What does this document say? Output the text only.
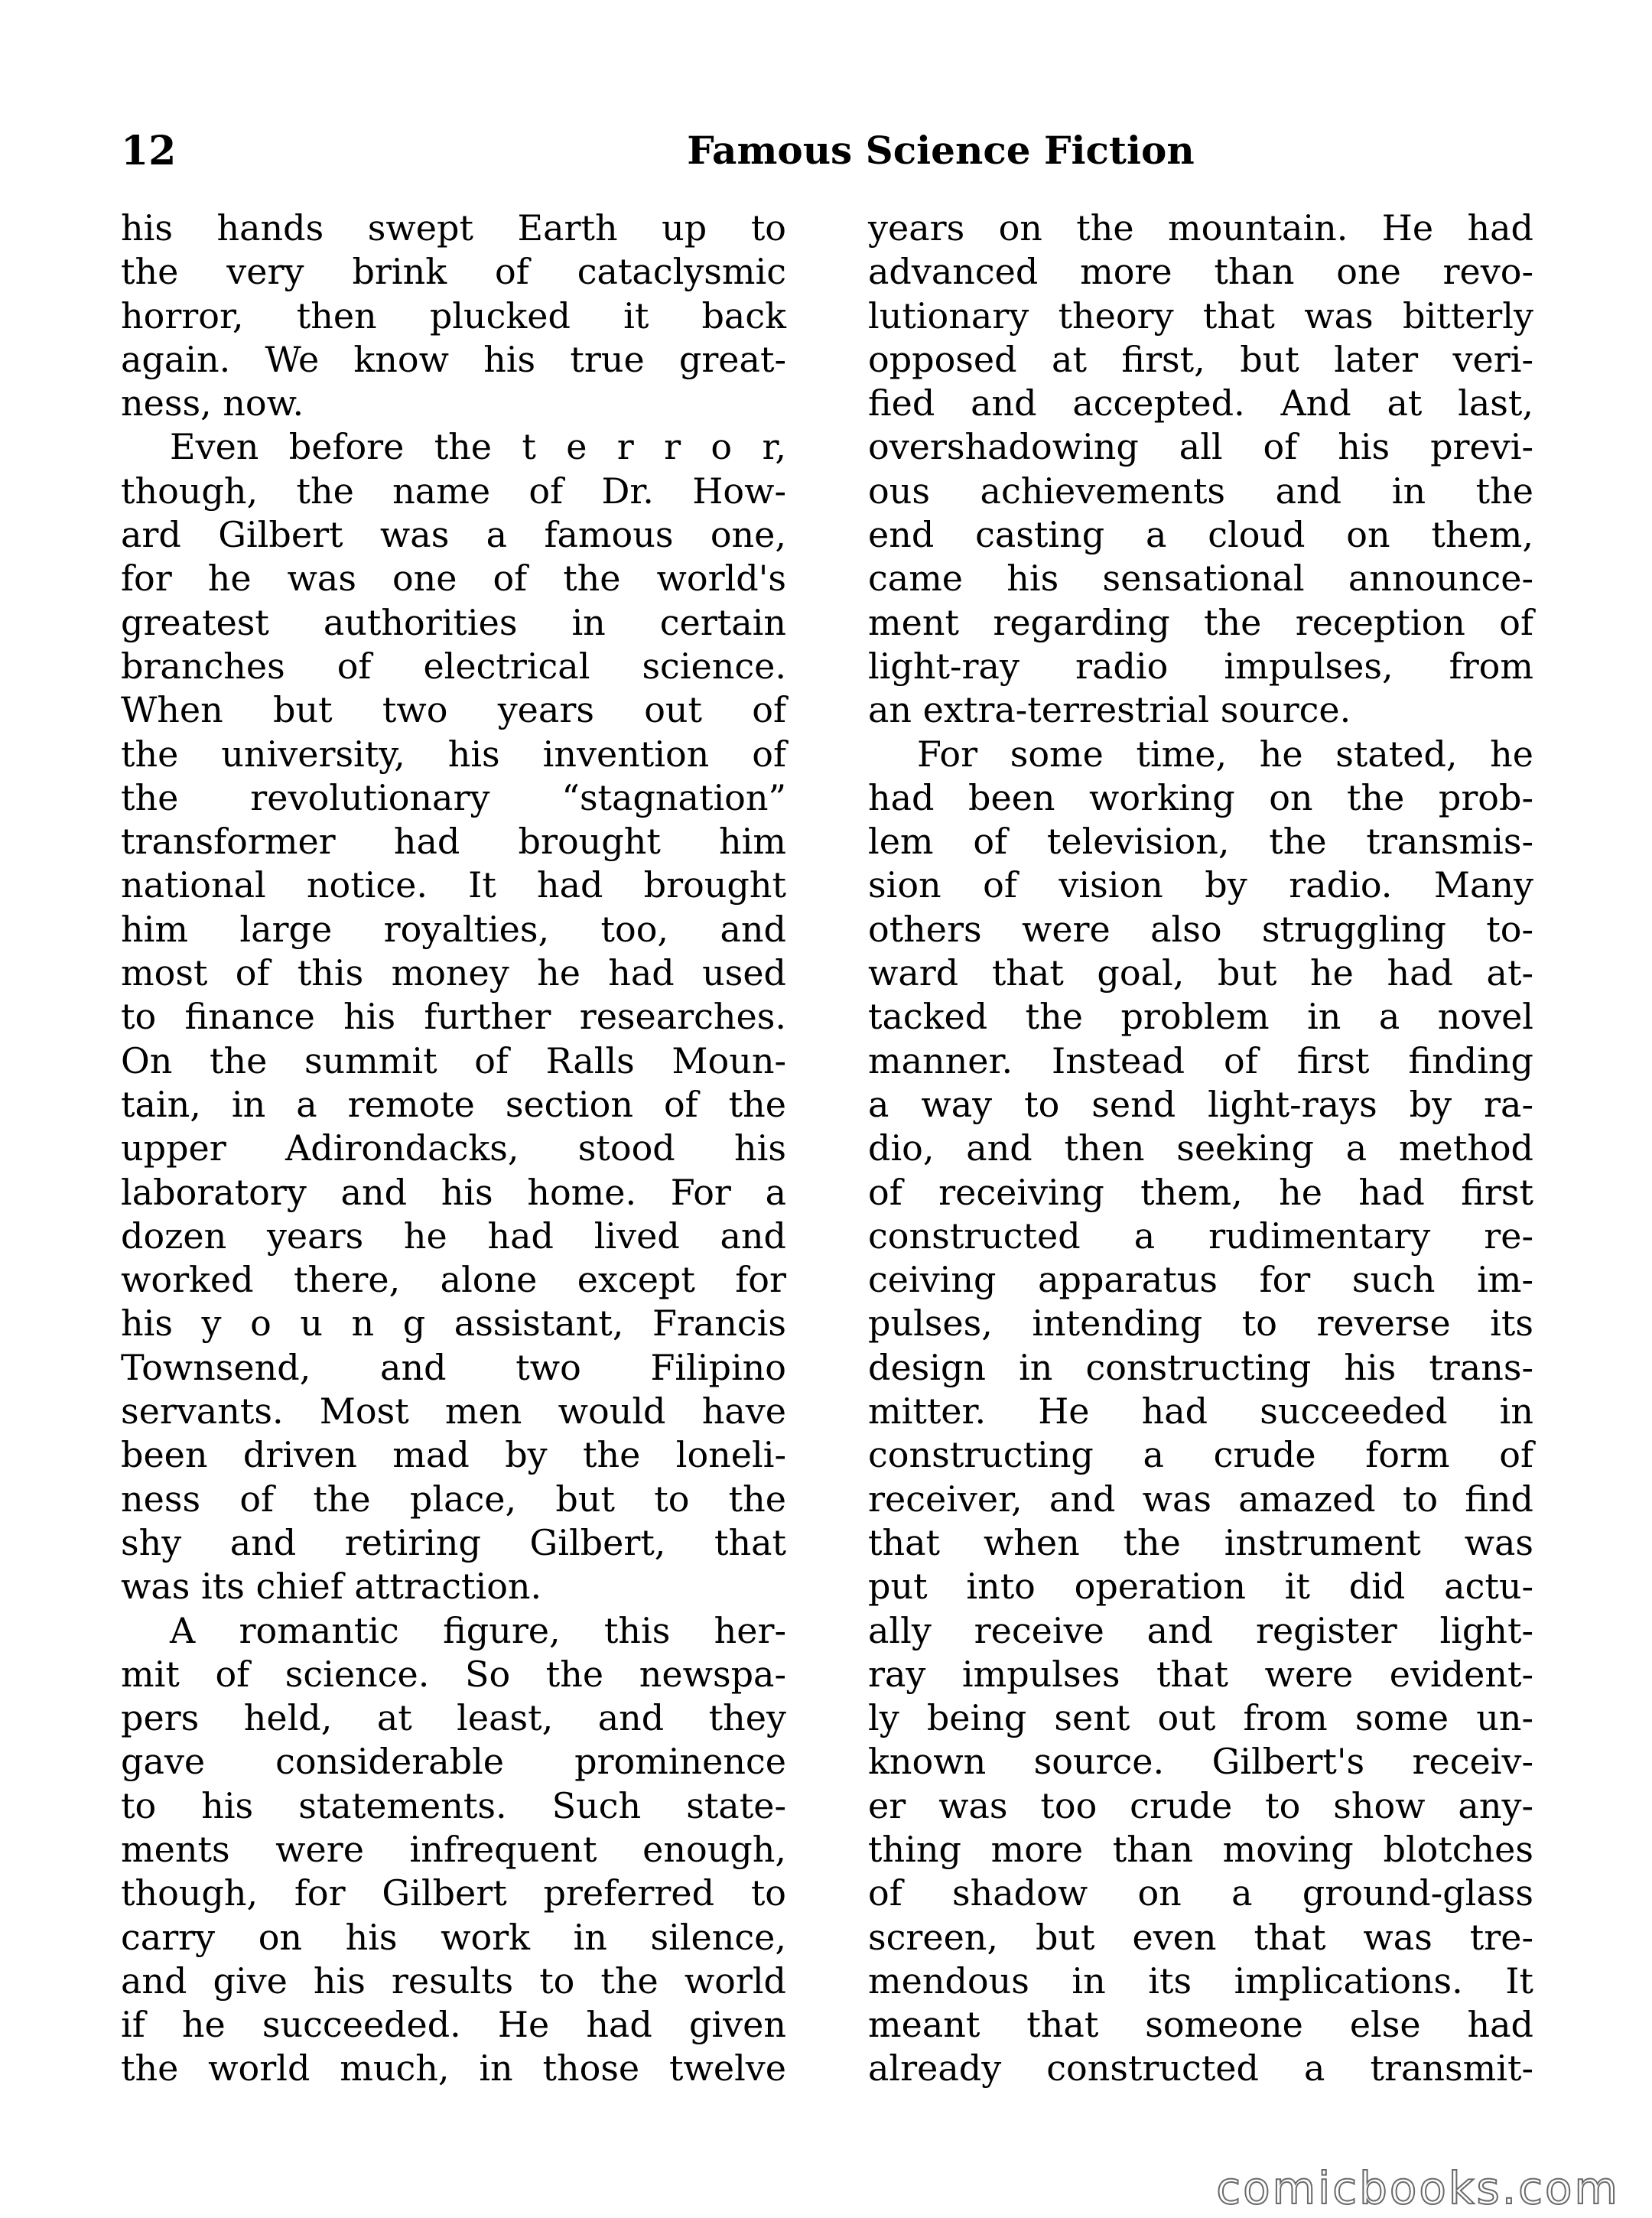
12	Famous Science Fiction
his hands swept Earth up to
the very brink of cataclysmic
horror, then plucked it back
again. We know his true great-
ness, now.
Even before the t e r r o r,
though, the name of Dr. How-
ard Gilbert was a famous one,
for he was one of the world's
greatest authorities in certain
branches of electrical science.
When but two years out of
the university, his invention of
the revolutionary “stagnation”
transformer had brought him
national notice. It had brought
him large royalties, too, and
most of this money he had used
to finance his further researches.
On the summit of Ralls Moun-
tain, in a remote section of the
upper Adirondacks, stood his
laboratory and his home. For a
dozen years he had lived and
worked there, alone except for
his y o u n g assistant, Francis
Townsend, and two Filipino
servants. Most men would have
been driven mad by the loneli-
ness of the place, but to the
shy and retiring Gilbert, that
was its chief attraction.
A romantic figure, this her-
mit of science. So the newspa-
pers held, at least, and they
gave considerable prominence
to his statements. Such state-
ments were infrequent enough,
though, for Gilbert preferred to
carry on his work in silence,
and give his results to the world
if he succeeded. He had given
the world much, in those twelve
years on the mountain. He had
advanced more than one revo-
lutionary theory that was bitterly
opposed at first, but later veri-
fied and accepted. And at last,
overshadowing all of his previ-
ous achievements and in the
end casting a cloud on them,
came his sensational announce-
ment regarding the reception of
light-ray radio impulses, from
an extra-terrestrial source.
For some time, he stated, he
had been working on the prob-
lem of television, the transmis-
sion of vision by radio. Many
others were also struggling to-
ward that goal, but he had at-
tacked the problem in a novel
manner. Instead of first finding
a way to send light-rays by ra-
dio, and then seeking a method
of receiving them, he had first
constructed a rudimentary re-
ceiving apparatus for such im-
pulses, intending to reverse its
design in constructing his trans-
mitter. He had succeeded in
constructing a crude form of
receiver, and was amazed to find
that when the instrument was
put into operation it did actu-
ally receive and register light-
ray impulses that were evident-
ly being sent out from some un-
known source. Gilbert's receiv-
er was too crude to show any-
thing more than moving blotches
of shadow on a ground-glass
screen, but even that was tre-
mendous in its implications. It
meant that someone else had
already constructed a transmit-
comicbooks.com
